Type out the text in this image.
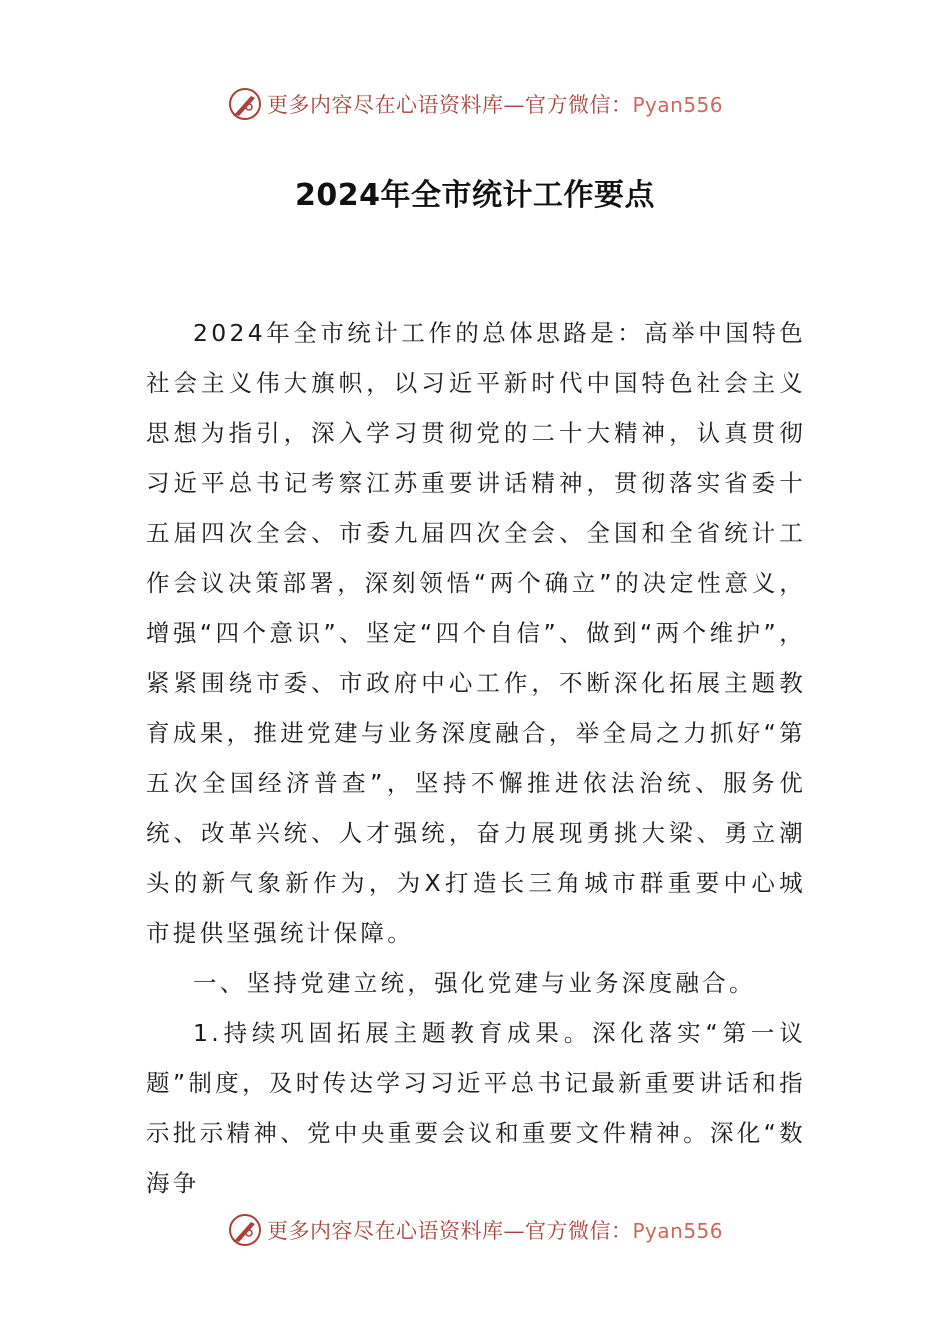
更多内容尽在心语资料库—官方微信：Pyan556
2024年全市统计工作要点

2024年全市统计工作的总体思路是：高举中国特色社会主义伟大旗帜，以习近平新时代中国特色社会主义思想为指引，深入学习贯彻党的二十大精神，认真贯彻习近平总书记考察江苏重要讲话精神，贯彻落实省委十五届四次全会、市委九届四次全会、全国和全省统计工作会议决策部署，深刻领悟“两个确立”的决定性意义，增强“四个意识”、坚定“四个自信”、做到“两个维护”，紧紧围绕市委、市政府中心工作，不断深化拓展主题教育成果，推进党建与业务深度融合，举全局之力抓好“第五次全国经济普查”，坚持不懈推进依法治统、服务优统、改革兴统、人才强统，奋力展现勇挑大梁、勇立潮头的新气象新作为，为X打造长三角城市群重要中心城市提供坚强统计保障。

一、坚持党建立统，强化党建与业务深度融合。

1.持续巩固拓展主题教育成果。深化落实“第一议题”制度，及时传达学习习近平总书记最新重要讲话和指示批示精神、党中央重要会议和重要文件精神。深化“数海争

更多内容尽在心语资料库—官方微信：Pyan556
